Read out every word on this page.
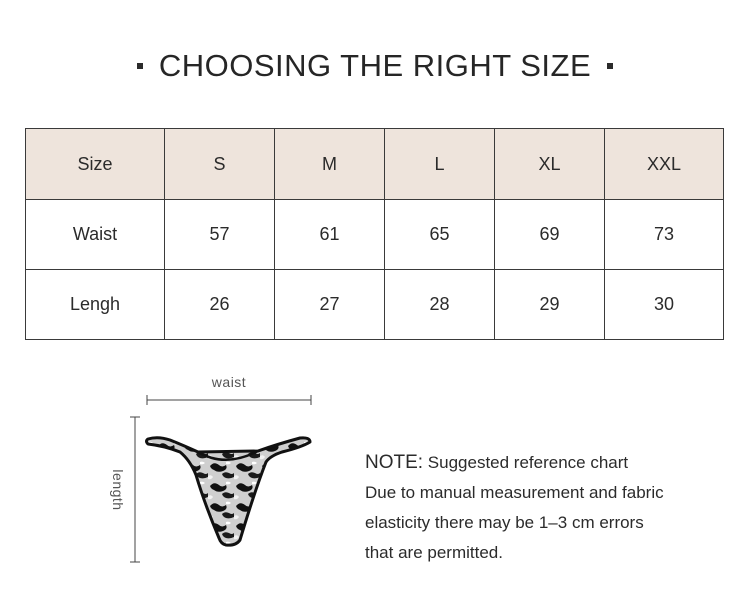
CHOOSING THE RIGHT SIZE
Size	S	M	L	XL	XXL
Waist	57	61	65	69	73
Lengh	26	27	28	29	30
waist
length
NOTE: Suggested reference chart
Due to manual measurement and fabric
elasticity there may be 1–3 cm errors
that are permitted.
